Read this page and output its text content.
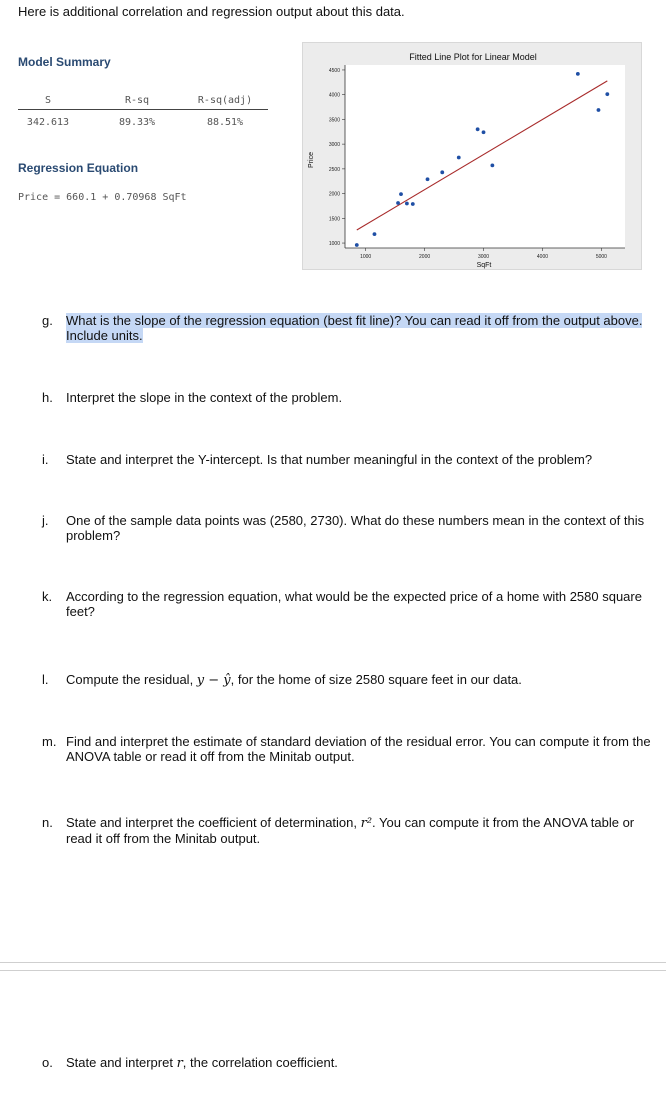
Here is additional correlation and regression output about this data.
Model Summary
S	R-sq	R-sq(adj)
342.613	89.33%	88.51%
Regression Equation
Price = 660.1 + 0.70968 SqFt
Fitted Line Plot for Linear Model
SqFt
Price
1000
1500
2000
2500
3000
3500
4000
4500
1000	2000	3000	4000	5000
g. What is the slope of the regression equation (best fit line)? You can read it off from the output above. Include units.
h. Interpret the slope in the context of the problem.
i. State and interpret the Y-intercept. Is that number meaningful in the context of the problem?
j. One of the sample data points was (2580, 2730). What do these numbers mean in the context of this problem?
k. According to the regression equation, what would be the expected price of a home with 2580 square feet?
l. Compute the residual, y − ŷ, for the home of size 2580 square feet in our data.
m. Find and interpret the estimate of standard deviation of the residual error. You can compute it from the ANOVA table or read it off from the Minitab output.
n. State and interpret the coefficient of determination, r². You can compute it from the ANOVA table or read it off from the Minitab output.
o. State and interpret r, the correlation coefficient.
